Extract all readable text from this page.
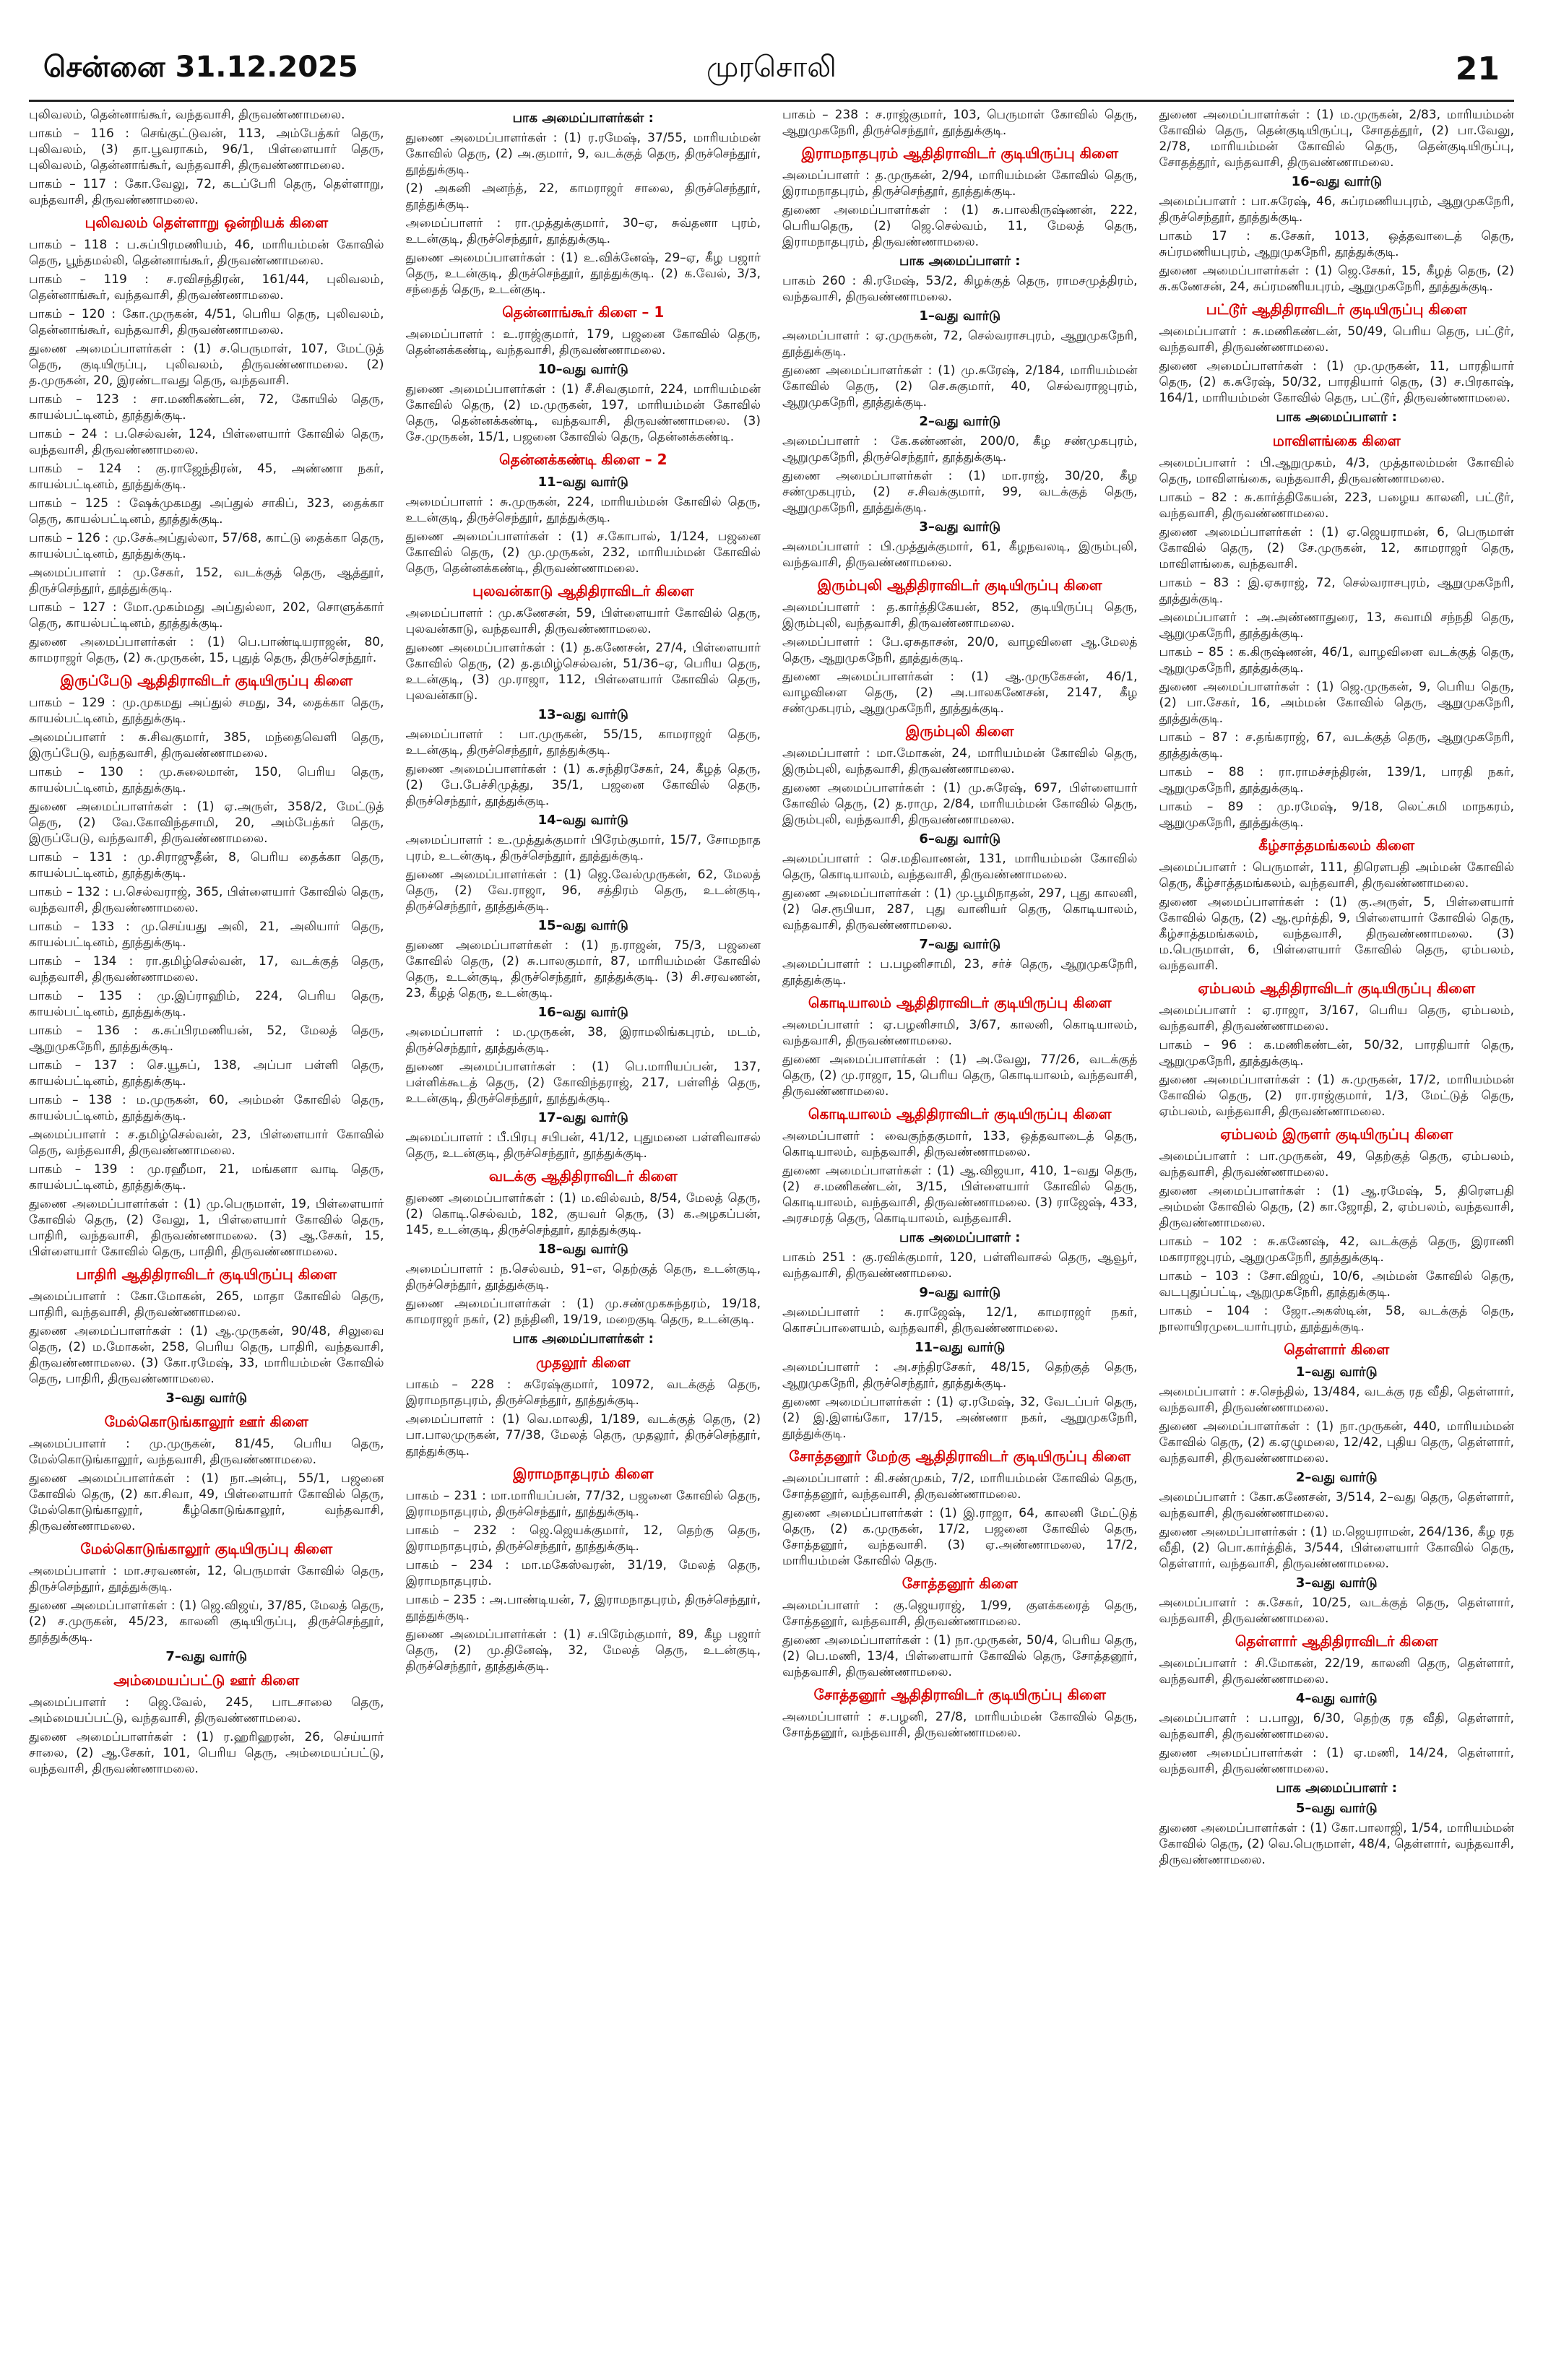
சென்னை 31.12.2025	முரசொலி	21
புலிவலம், தென்னாங்கூர், வந்தவாசி, திருவண்ணாமலை.
பாகம் – 116 : செங்குட்டுவன், 113, அம்பேத்கர் தெரு, புலிவலம், (3) தா.பூவராகம், 96/1, பிள்ளையார் தெரு, புலிவலம், தென்னாங்கூர், வந்தவாசி, திருவண்ணாமலை.
பாகம் – 117 : கோ.வேலு, 72, கடப்பேரி தெரு, தெள்ளாறு, வந்தவாசி, திருவண்ணாமலை.
புலிவலம் தெள்ளாறு ஒன்றியக் கிளை
பாகம் – 118 : ப.சுப்பிரமணியம், 46, மாரியம்மன் கோவில் தெரு, பூந்தமல்லி, தென்னாங்கூர், திருவண்ணாமலை.
பாகம் – 119 : ச.ரவிசந்திரன், 161/44, புலிவலம், தென்னாங்கூர், வந்தவாசி, திருவண்ணாமலை.
பாகம் – 120 : கோ.முருகன், 4/51, பெரிய தெரு, புலிவலம், தென்னாங்கூர், வந்தவாசி, திருவண்ணாமலை.
துணை அமைப்பாளர்கள் : (1) ச.பெருமாள், 107, மேட்டுத் தெரு, குடியிருப்பு, புலிவலம், திருவண்ணாமலை. (2) த.முருகன், 20, இரண்டாவது தெரு, வந்தவாசி.
பாகம் – 123 : சா.மணிகண்டன், 72, கோயில் தெரு, காயல்பட்டினம், தூத்துக்குடி.
பாகம் – 24 : ப.செல்வன், 124, பிள்ளையார் கோவில் தெரு, வந்தவாசி, திருவண்ணாமலை.
பாகம் – 124 : கு.ராஜேந்திரன், 45, அண்ணா நகர், காயல்பட்டினம், தூத்துக்குடி.
பாகம் – 125 : ஷேக்முகமது அப்துல் சாகிப், 323, தைக்கா தெரு, காயல்பட்டினம், தூத்துக்குடி.
பாகம் – 126 : மு.சேக்அப்துல்லா, 57/68, காட்டு தைக்கா தெரு, காயல்பட்டினம், தூத்துக்குடி.
அமைப்பாளர் : மு.சேகர், 152, வடக்குத் தெரு, ஆத்தூர், திருச்செந்தூர், தூத்துக்குடி.
பாகம் – 127 : மோ.முகம்மது அப்துல்லா, 202, சொளுக்கார் தெரு, காயல்பட்டினம், தூத்துக்குடி.
துணை அமைப்பாளர்கள் : (1) பெ.பாண்டியராஜன், 80, காமராஜர் தெரு, (2) சு.முருகன், 15, புதுத் தெரு, திருச்செந்தூர்.
இருப்பேடு ஆதிதிராவிடர் குடியிருப்பு கிளை
பாகம் – 129 : மு.முகமது அப்துல் சமது, 34, தைக்கா தெரு, காயல்பட்டினம், தூத்துக்குடி.
அமைப்பாளர் : சு.சிவகுமார், 385, மந்தைவெளி தெரு, இருப்பேடு, வந்தவாசி, திருவண்ணாமலை.
பாகம் – 130 : மு.சுலைமான், 150, பெரிய தெரு, காயல்பட்டினம், தூத்துக்குடி.
துணை அமைப்பாளர்கள் : (1) ஏ.அருள், 358/2, மேட்டுத் தெரு, (2) வே.கோவிந்தசாமி, 20, அம்பேத்கர் தெரு, இருப்பேடு, வந்தவாசி, திருவண்ணாமலை.
பாகம் – 131 : மு.சிராஜுதீன், 8, பெரிய தைக்கா தெரு, காயல்பட்டினம், தூத்துக்குடி.
பாகம் – 132 : ப.செல்வராஜ், 365, பிள்ளையார் கோவில் தெரு, வந்தவாசி, திருவண்ணாமலை.
பாகம் – 133 : மு.செய்யது அலி, 21, அலியார் தெரு, காயல்பட்டினம், தூத்துக்குடி.
பாகம் – 134 : ரா.தமிழ்செல்வன், 17, வடக்குத் தெரு, வந்தவாசி, திருவண்ணாமலை.
பாகம் – 135 : மு.இப்ராஹிம், 224, பெரிய தெரு, காயல்பட்டினம், தூத்துக்குடி.
பாகம் – 136 : க.சுப்பிரமணியன், 52, மேலத் தெரு, ஆறுமுகநேரி, தூத்துக்குடி.
பாகம் – 137 : செ.யூசுப், 138, அப்பா பள்ளி தெரு, காயல்பட்டினம், தூத்துக்குடி.
பாகம் – 138 : ம.முருகன், 60, அம்மன் கோவில் தெரு, காயல்பட்டினம், தூத்துக்குடி.
அமைப்பாளர் : ச.தமிழ்செல்வன், 23, பிள்ளையார் கோவில் தெரு, வந்தவாசி, திருவண்ணாமலை.
பாகம் – 139 : மு.ரஹீமா, 21, மங்களா வாடி தெரு, காயல்பட்டினம், தூத்துக்குடி.
துணை அமைப்பாளர்கள் : (1) மு.பெருமாள், 19, பிள்ளையார் கோவில் தெரு, (2) வேலு, 1, பிள்ளையார் கோவில் தெரு, பாதிரி, வந்தவாசி, திருவண்ணாமலை. (3) ஆ.சேகர், 15, பிள்ளையார் கோவில் தெரு, பாதிரி, திருவண்ணாமலை.
பாதிரி ஆதிதிராவிடர் குடியிருப்பு கிளை
அமைப்பாளர் : கோ.மோகன், 265, மாதா கோவில் தெரு, பாதிரி, வந்தவாசி, திருவண்ணாமலை.
துணை அமைப்பாளர்கள் : (1) ஆ.முருகன், 90/48, சிலுவை தெரு, (2) ம.மோகன், 258, பெரிய தெரு, பாதிரி, வந்தவாசி, திருவண்ணாமலை. (3) கோ.ரமேஷ், 33, மாரியம்மன் கோவில் தெரு, பாதிரி, திருவண்ணாமலை.
3–வது வார்டு
மேல்கொடுங்காலூர் ஊர் கிளை
அமைப்பாளர் : மு.முருகன், 81/45, பெரிய தெரு, மேல்கொடுங்காலூர், வந்தவாசி, திருவண்ணாமலை.
துணை அமைப்பாளர்கள் : (1) நா.அன்பு, 55/1, பஜனை கோவில் தெரு, (2) கா.சிவா, 49, பிள்ளையார் கோவில் தெரு, மேல்கொடுங்காலூர், கீழ்கொடுங்காலூர், வந்தவாசி, திருவண்ணாமலை.
மேல்கொடுங்காலூர் குடியிருப்பு கிளை
அமைப்பாளர் : மா.சரவணன், 12, பெருமாள் கோவில் தெரு, திருச்செந்தூர், தூத்துக்குடி.
துணை அமைப்பாளர்கள் : (1) ஜெ.விஜய், 37/85, மேலத் தெரு, (2) ச.முருகன், 45/23, காலனி குடியிருப்பு, திருச்செந்தூர், தூத்துக்குடி.
7–வது வார்டு
அம்மையப்பட்டு ஊர் கிளை
அமைப்பாளர் : ஜெ.வேல், 245, பாடசாலை தெரு, அம்மையப்பட்டு, வந்தவாசி, திருவண்ணாமலை.
துணை அமைப்பாளர்கள் : (1) ர.ஹரிஹரன், 26, செய்யார் சாலை, (2) ஆ.சேகர், 101, பெரிய தெரு, அம்மையப்பட்டு, வந்தவாசி, திருவண்ணாமலை.
பாக அமைப்பாளர்கள் :
துணை அமைப்பாளர்கள் : (1) ர.ரமேஷ், 37/55, மாரியம்மன் கோவில் தெரு, (2) அ.குமார், 9, வடக்குத் தெரு, திருச்செந்தூர், தூத்துக்குடி.
(2) அகனி அனந்த், 22, காமராஜர் சாலை, திருச்செந்தூர், தூத்துக்குடி.
அமைப்பாளர் : ரா.முத்துக்குமார், 30–ஏ, சுவ்தனா புரம், உடன்குடி, திருச்செந்தூர், தூத்துக்குடி.
துணை அமைப்பாளர்கள் : (1) உ.விக்னேஷ், 29–ஏ, கீழ பஜார் தெரு, உடன்குடி, திருச்செந்தூர், தூத்துக்குடி. (2) க.வேல், 3/3, சந்தைத் தெரு, உடன்குடி.
தென்னாங்கூர் கிளை – 1
அமைப்பாளர் : உ.ராஜ்குமார், 179, பஜனை கோவில் தெரு, தென்னக்கண்டி, வந்தவாசி, திருவண்ணாமலை.
10–வது வார்டு
துணை அமைப்பாளர்கள் : (1) சீ.சிவகுமார், 224, மாரியம்மன் கோவில் தெரு, (2) ம.முருகன், 197, மாரியம்மன் கோவில் தெரு, தென்னக்கண்டி, வந்தவாசி, திருவண்ணாமலை. (3) சே.முருகன், 15/1, பஜனை கோவில் தெரு, தென்னக்கண்டி.
தென்னக்கண்டி கிளை – 2
11–வது வார்டு
அமைப்பாளர் : சு.முருகன், 224, மாரியம்மன் கோவில் தெரு, உடன்குடி, திருச்செந்தூர், தூத்துக்குடி.
துணை அமைப்பாளர்கள் : (1) ச.கோபால், 1/124, பஜனை கோவில் தெரு, (2) மு.முருகன், 232, மாரியம்மன் கோவில் தெரு, தென்னக்கண்டி, திருவண்ணாமலை.
புலவன்காடு ஆதிதிராவிடர் கிளை
அமைப்பாளர் : மு.கணேசன், 59, பிள்ளையார் கோவில் தெரு, புலவன்காடு, வந்தவாசி, திருவண்ணாமலை.
துணை அமைப்பாளர்கள் : (1) த.கணேசன், 27/4, பிள்ளையார் கோவில் தெரு, (2) த.தமிழ்செல்வன், 51/36–ஏ, பெரிய தெரு, உடன்குடி, (3) மு.ராஜா, 112, பிள்ளையார் கோவில் தெரு, புலவன்காடு.
13–வது வார்டு
அமைப்பாளர் : பா.முருகன், 55/15, காமராஜர் தெரு, உடன்குடி, திருச்செந்தூர், தூத்துக்குடி.
துணை அமைப்பாளர்கள் : (1) க.சந்திரசேகர், 24, கீழத் தெரு, (2) பே.பேச்சிமுத்து, 35/1, பஜனை கோவில் தெரு, திருச்செந்தூர், தூத்துக்குடி.
14–வது வார்டு
அமைப்பாளர் : உ.முத்துக்குமார் பிரேம்குமார், 15/7, சோமநாத புரம், உடன்குடி, திருச்செந்தூர், தூத்துக்குடி.
துணை அமைப்பாளர்கள் : (1) ஜெ.வேல்முருகன், 62, மேலத் தெரு, (2) வே.ராஜா, 96, சத்திரம் தெரு, உடன்குடி, திருச்செந்தூர், தூத்துக்குடி.
15–வது வார்டு
துணை அமைப்பாளர்கள் : (1) ந.ராஜன், 75/3, பஜனை கோவில் தெரு, (2) சு.பாலகுமார், 87, மாரியம்மன் கோவில் தெரு, உடன்குடி, திருச்செந்தூர், தூத்துக்குடி. (3) சி.சரவணன், 23, கீழத் தெரு, உடன்குடி.
16–வது வார்டு
அமைப்பாளர் : ம.முருகன், 38, இராமலிங்கபுரம், மடம், திருச்செந்தூர், தூத்துக்குடி.
துணை அமைப்பாளர்கள் : (1) பெ.மாரியப்பன், 137, பள்ளிக்கூடத் தெரு, (2) கோவிந்தராஜ், 217, பள்ளித் தெரு, உடன்குடி, திருச்செந்தூர், தூத்துக்குடி.
17–வது வார்டு
அமைப்பாளர் : பீ.பிரபு சபிபன், 41/12, புதுமனை பள்ளிவாசல் தெரு, உடன்குடி, திருச்செந்தூர், தூத்துக்குடி.
வடக்கு ஆதிதிராவிடர் கிளை
துணை அமைப்பாளர்கள் : (1) ம.வில்வம், 8/54, மேலத் தெரு, (2) கொடி.செல்வம், 182, குயவர் தெரு, (3) க.அழகப்பன், 145, உடன்குடி, திருச்செந்தூர், தூத்துக்குடி.
18–வது வார்டு
அமைப்பாளர் : ந.செல்வம், 91–எ, தெற்குத் தெரு, உடன்குடி, திருச்செந்தூர், தூத்துக்குடி.
துணை அமைப்பாளர்கள் : (1) மு.சண்முகசுந்தரம், 19/18, காமராஜர் நகர், (2) நந்தினி, 19/19, மறைகுடி தெரு, உடன்குடி.
பாக அமைப்பாளர்கள் :
முதலூர் கிளை
பாகம் – 228 : சுரேஷ்குமார், 10972, வடக்குத் தெரு, இராமநாதபுரம், திருச்செந்தூர், தூத்துக்குடி.
அமைப்பாளர் : (1) வெ.மாலதி, 1/189, வடக்குத் தெரு, (2) பா.பாலமுருகன், 77/38, மேலத் தெரு, முதலூர், திருச்செந்தூர், தூத்துக்குடி.
இராமநாதபுரம் கிளை
பாகம் – 231 : மா.மாரியப்பன், 77/32, பஜனை கோவில் தெரு, இராமநாதபுரம், திருச்செந்தூர், தூத்துக்குடி.
பாகம் – 232 : ஜெ.ஜெயக்குமார், 12, தெற்கு தெரு, இராமநாதபுரம், திருச்செந்தூர், தூத்துக்குடி.
பாகம் – 234 : மா.மகேஸ்வரன், 31/19, மேலத் தெரு, இராமநாதபுரம்.
பாகம் – 235 : அ.பாண்டியன், 7, இராமநாதபுரம், திருச்செந்தூர், தூத்துக்குடி.
துணை அமைப்பாளர்கள் : (1) ச.பிரேம்குமார், 89, கீழ பஜார் தெரு, (2) மு.தினேஷ், 32, மேலத் தெரு, உடன்குடி, திருச்செந்தூர், தூத்துக்குடி.
பாகம் – 238 : ச.ராஜ்குமார், 103, பெருமாள் கோவில் தெரு, ஆறுமுகநேரி, திருச்செந்தூர், தூத்துக்குடி.
இராமநாதபுரம் ஆதிதிராவிடர் குடியிருப்பு கிளை
அமைப்பாளர் : த.முருகன், 2/94, மாரியம்மன் கோவில் தெரு, இராமநாதபுரம், திருச்செந்தூர், தூத்துக்குடி.
துணை அமைப்பாளர்கள் : (1) சு.பாலகிருஷ்ணன், 222, பெரியதெரு, (2) ஜெ.செல்வம், 11, மேலத் தெரு, இராமநாதபுரம், திருவண்ணாமலை.
பாக அமைப்பாளர் :
பாகம் 260 : கி.ரமேஷ், 53/2, கிழக்குத் தெரு, ராமசமுத்திரம், வந்தவாசி, திருவண்ணாமலை.
1–வது வார்டு
அமைப்பாளர் : ஏ.முருகன், 72, செல்வராசபுரம், ஆறுமுகநேரி, தூத்துக்குடி.
துணை அமைப்பாளர்கள் : (1) மு.சுரேஷ், 2/184, மாரியம்மன் கோவில் தெரு, (2) செ.சுகுமார், 40, செல்வராஜபுரம், ஆறுமுகநேரி, தூத்துக்குடி.
2–வது வார்டு
அமைப்பாளர் : கே.கண்ணன், 200/0, கீழ சண்முகபுரம், ஆறுமுகநேரி, திருச்செந்தூர், தூத்துக்குடி.
துணை அமைப்பாளர்கள் : (1) மா.ராஜ், 30/20, கீழ சண்முகபுரம், (2) ச.சிவக்குமார், 99, வடக்குத் தெரு, ஆறுமுகநேரி, தூத்துக்குடி.
3–வது வார்டு
அமைப்பாளர் : பி.முத்துக்குமார், 61, கீழநவலடி, இரும்புலி, வந்தவாசி, திருவண்ணாமலை.
இரும்புலி ஆதிதிராவிடர் குடியிருப்பு கிளை
அமைப்பாளர் : த.கார்த்திகேயன், 852, குடியிருப்பு தெரு, இரும்புலி, வந்தவாசி, திருவண்ணாமலை.
அமைப்பாளர் : பே.ஏசுதாசன், 20/0, வாழவிளை ஆ.மேலத் தெரு, ஆறுமுகநேரி, தூத்துக்குடி.
துணை அமைப்பாளர்கள் : (1) ஆ.முருகேசன், 46/1, வாழவிளை தெரு, (2) அ.பாலகணேசன், 2147, கீழ சண்முகபுரம், ஆறுமுகநேரி, தூத்துக்குடி.
இரும்புலி கிளை
அமைப்பாளர் : மா.மோகன், 24, மாரியம்மன் கோவில் தெரு, இரும்புலி, வந்தவாசி, திருவண்ணாமலை.
துணை அமைப்பாளர்கள் : (1) மு.சுரேஷ், 697, பிள்ளையார் கோவில் தெரு, (2) த.ராமு, 2/84, மாரியம்மன் கோவில் தெரு, இரும்புலி, வந்தவாசி, திருவண்ணாமலை.
6–வது வார்டு
அமைப்பாளர் : செ.மதிவாணன், 131, மாரியம்மன் கோவில் தெரு, கொடியாலம், வந்தவாசி, திருவண்ணாமலை.
துணை அமைப்பாளர்கள் : (1) மு.பூமிநாதன், 297, புது காலனி, (2) செ.ரூபியா, 287, புது வானியர் தெரு, கொடியாலம், வந்தவாசி, திருவண்ணாமலை.
7–வது வார்டு
அமைப்பாளர் : ப.பழனிசாமி, 23, சர்ச் தெரு, ஆறுமுகநேரி, தூத்துக்குடி.
கொடியாலம் ஆதிதிராவிடர் குடியிருப்பு கிளை
அமைப்பாளர் : ஏ.பழனிசாமி, 3/67, காலனி, கொடியாலம், வந்தவாசி, திருவண்ணாமலை.
துணை அமைப்பாளர்கள் : (1) அ.வேலு, 77/26, வடக்குத் தெரு, (2) மு.ராஜா, 15, பெரிய தெரு, கொடியாலம், வந்தவாசி, திருவண்ணாமலை.
கொடியாலம் ஆதிதிராவிடர் குடியிருப்பு கிளை
அமைப்பாளர் : வைகுந்தகுமார், 133, ஒத்தவாடைத் தெரு, கொடியாலம், வந்தவாசி, திருவண்ணாமலை.
துணை அமைப்பாளர்கள் : (1) ஆ.விஜயா, 410, 1–வது தெரு, (2) ச.மணிகண்டன், 3/15, பிள்ளையார் கோவில் தெரு, கொடியாலம், வந்தவாசி, திருவண்ணாமலை. (3) ராஜேஷ், 433, அரசமரத் தெரு, கொடியாலம், வந்தவாசி.
பாக அமைப்பாளர் :
பாகம் 251 : கு.ரவிக்குமார், 120, பள்ளிவாசல் தெரு, ஆவூர், வந்தவாசி, திருவண்ணாமலை.
9–வது வார்டு
அமைப்பாளர் : சு.ராஜேஷ், 12/1, காமராஜர் நகர், கொசப்பாளையம், வந்தவாசி, திருவண்ணாமலை.
11–வது வார்டு
அமைப்பாளர் : அ.சந்திரசேகர், 48/15, தெற்குத் தெரு, ஆறுமுகநேரி, திருச்செந்தூர், தூத்துக்குடி.
துணை அமைப்பாளர்கள் : (1) ஏ.ரமேஷ், 32, வேடப்பர் தெரு, (2) இ.இளங்கோ, 17/15, அண்ணா நகர், ஆறுமுகநேரி, தூத்துக்குடி.
சோத்தனூர் மேற்கு ஆதிதிராவிடர் குடியிருப்பு கிளை
அமைப்பாளர் : கி.சண்முகம், 7/2, மாரியம்மன் கோவில் தெரு, சோத்தனூர், வந்தவாசி, திருவண்ணாமலை.
துணை அமைப்பாளர்கள் : (1) இ.ராஜா, 64, காலனி மேட்டுத் தெரு, (2) க.முருகன், 17/2, பஜனை கோவில் தெரு, சோத்தனூர், வந்தவாசி. (3) ஏ.அண்ணாமலை, 17/2, மாரியம்மன் கோவில் தெரு.
சோத்தனூர் கிளை
அமைப்பாளர் : கு.ஜெயராஜ், 1/99, குளக்கரைத் தெரு, சோத்தனூர், வந்தவாசி, திருவண்ணாமலை.
துணை அமைப்பாளர்கள் : (1) நா.முருகன், 50/4, பெரிய தெரு, (2) பெ.மணி, 13/4, பிள்ளையார் கோவில் தெரு, சோத்தனூர், வந்தவாசி, திருவண்ணாமலை.
சோத்தனூர் ஆதிதிராவிடர் குடியிருப்பு கிளை
அமைப்பாளர் : ச.பழனி, 27/8, மாரியம்மன் கோவில் தெரு, சோத்தனூர், வந்தவாசி, திருவண்ணாமலை.
துணை அமைப்பாளர்கள் : (1) ம.முருகன், 2/83, மாரியம்மன் கோவில் தெரு, தென்குடியிருப்பு, சோதத்தூர், (2) பா.வேலு, 2/78, மாரியம்மன் கோவில் தெரு, தென்குடியிருப்பு, சோதத்தூர், வந்தவாசி, திருவண்ணாமலை.
16–வது வார்டு
அமைப்பாளர் : பா.சுரேஷ், 46, சுப்ரமணியபுரம், ஆறுமுகநேரி, திருச்செந்தூர், தூத்துக்குடி.
பாகம் 17 : க.சேகர், 1013, ஒத்தவாடைத் தெரு, சுப்ரமணியபுரம், ஆறுமுகநேரி, தூத்துக்குடி.
துணை அமைப்பாளர்கள் : (1) ஜெ.சேகர், 15, கீழத் தெரு, (2) சு.கணேசன், 24, சுப்ரமணியபுரம், ஆறுமுகநேரி, தூத்துக்குடி.
பட்டூர் ஆதிதிராவிடர் குடியிருப்பு கிளை
அமைப்பாளர் : சு.மணிகண்டன், 50/49, பெரிய தெரு, பட்டூர், வந்தவாசி, திருவண்ணாமலை.
துணை அமைப்பாளர்கள் : (1) மு.முருகன், 11, பாரதியார் தெரு, (2) க.சுரேஷ், 50/32, பாரதியார் தெரு, (3) ச.பிரகாஷ், 164/1, மாரியம்மன் கோவில் தெரு, பட்டூர், திருவண்ணாமலை.
பாக அமைப்பாளர் :
மாவிளங்கை கிளை
அமைப்பாளர் : பி.ஆறுமுகம், 4/3, முத்தாலம்மன் கோவில் தெரு, மாவிளங்கை, வந்தவாசி, திருவண்ணாமலை.
பாகம் – 82 : சு.கார்த்திகேயன், 223, பழைய காலனி, பட்டூர், வந்தவாசி, திருவண்ணாமலை.
துணை அமைப்பாளர்கள் : (1) ஏ.ஜெயராமன், 6, பெருமாள் கோவில் தெரு, (2) சே.முருகன், 12, காமராஜர் தெரு, மாவிளங்கை, வந்தவாசி.
பாகம் – 83 : இ.ஏசுராஜ், 72, செல்வராசபுரம், ஆறுமுகநேரி, தூத்துக்குடி.
அமைப்பாளர் : அ.அண்ணாதுரை, 13, சுவாமி சந்நதி தெரு, ஆறுமுகநேரி, தூத்துக்குடி.
பாகம் – 85 : க.கிருஷ்ணன், 46/1, வாழவிளை வடக்குத் தெரு, ஆறுமுகநேரி, தூத்துக்குடி.
துணை அமைப்பாளர்கள் : (1) ஜெ.முருகன், 9, பெரிய தெரு, (2) பா.சேகர், 16, அம்மன் கோவில் தெரு, ஆறுமுகநேரி, தூத்துக்குடி.
பாகம் – 87 : ச.தங்கராஜ், 67, வடக்குத் தெரு, ஆறுமுகநேரி, தூத்துக்குடி.
பாகம் – 88 : ரா.ராமச்சந்திரன், 139/1, பாரதி நகர், ஆறுமுகநேரி, தூத்துக்குடி.
பாகம் – 89 : மு.ரமேஷ், 9/18, லெட்சுமி மாநகரம், ஆறுமுகநேரி, தூத்துக்குடி.
கீழ்சாத்தமங்கலம் கிளை
அமைப்பாளர் : பெருமாள், 111, திரௌபதி அம்மன் கோவில் தெரு, கீழ்சாத்தமங்கலம், வந்தவாசி, திருவண்ணாமலை.
துணை அமைப்பாளர்கள் : (1) கு.அருள், 5, பிள்ளையார் கோவில் தெரு, (2) ஆ.மூர்த்தி, 9, பிள்ளையார் கோவில் தெரு, கீழ்சாத்தமங்கலம், வந்தவாசி, திருவண்ணாமலை. (3) ம.பெருமாள், 6, பிள்ளையார் கோவில் தெரு, ஏம்பலம், வந்தவாசி.
ஏம்பலம் ஆதிதிராவிடர் குடியிருப்பு கிளை
அமைப்பாளர் : ஏ.ராஜா, 3/167, பெரிய தெரு, ஏம்பலம், வந்தவாசி, திருவண்ணாமலை.
பாகம் – 96 : க.மணிகண்டன், 50/32, பாரதியார் தெரு, ஆறுமுகநேரி, தூத்துக்குடி.
துணை அமைப்பாளர்கள் : (1) சு.முருகன், 17/2, மாரியம்மன் கோவில் தெரு, (2) ரா.ராஜ்குமார், 1/3, மேட்டுத் தெரு, ஏம்பலம், வந்தவாசி, திருவண்ணாமலை.
ஏம்பலம் இருளர் குடியிருப்பு கிளை
அமைப்பாளர் : பா.முருகன், 49, தெற்குத் தெரு, ஏம்பலம், வந்தவாசி, திருவண்ணாமலை.
துணை அமைப்பாளர்கள் : (1) ஆ.ரமேஷ், 5, திரௌபதி அம்மன் கோவில் தெரு, (2) கா.ஜோதி, 2, ஏம்பலம், வந்தவாசி, திருவண்ணாமலை.
பாகம் – 102 : சு.கணேஷ், 42, வடக்குத் தெரு, இராணி மகாராஜபுரம், ஆறுமுகநேரி, தூத்துக்குடி.
பாகம் – 103 : சோ.விஜய், 10/6, அம்மன் கோவில் தெரு, வடபுதுப்பட்டி, ஆறுமுகநேரி, தூத்துக்குடி.
பாகம் – 104 : ஜோ.அகஸ்டின், 58, வடக்குத் தெரு, நாலாயிரமுடையார்புரம், தூத்துக்குடி.
தெள்ளார் கிளை
1–வது வார்டு
அமைப்பாளர் : ச.செந்தில், 13/484, வடக்கு ரத வீதி, தெள்ளார், வந்தவாசி, திருவண்ணாமலை.
துணை அமைப்பாளர்கள் : (1) நா.முருகன், 440, மாரியம்மன் கோவில் தெரு, (2) க.ஏழுமலை, 12/42, புதிய தெரு, தெள்ளார், வந்தவாசி, திருவண்ணாமலை.
2–வது வார்டு
அமைப்பாளர் : கோ.கணேசன், 3/514, 2–வது தெரு, தெள்ளார், வந்தவாசி, திருவண்ணாமலை.
துணை அமைப்பாளர்கள் : (1) ம.ஜெயராமன், 264/136, கீழ ரத வீதி, (2) பொ.கார்த்திக், 3/544, பிள்ளையார் கோவில் தெரு, தெள்ளார், வந்தவாசி, திருவண்ணாமலை.
3–வது வார்டு
அமைப்பாளர் : சு.சேகர், 10/25, வடக்குத் தெரு, தெள்ளார், வந்தவாசி, திருவண்ணாமலை.
தெள்ளார் ஆதிதிராவிடர் கிளை
அமைப்பாளர் : சி.மோகன், 22/19, காலனி தெரு, தெள்ளார், வந்தவாசி, திருவண்ணாமலை.
4–வது வார்டு
அமைப்பாளர் : ப.பாலு, 6/30, தெற்கு ரத வீதி, தெள்ளார், வந்தவாசி, திருவண்ணாமலை.
துணை அமைப்பாளர்கள் : (1) ஏ.மணி, 14/24, தெள்ளார், வந்தவாசி, திருவண்ணாமலை.
பாக அமைப்பாளர் :
5–வது வார்டு
துணை அமைப்பாளர்கள் : (1) கோ.பாலாஜி, 1/54, மாரியம்மன் கோவில் தெரு, (2) வெ.பெருமாள், 48/4, தெள்ளார், வந்தவாசி, திருவண்ணாமலை.
